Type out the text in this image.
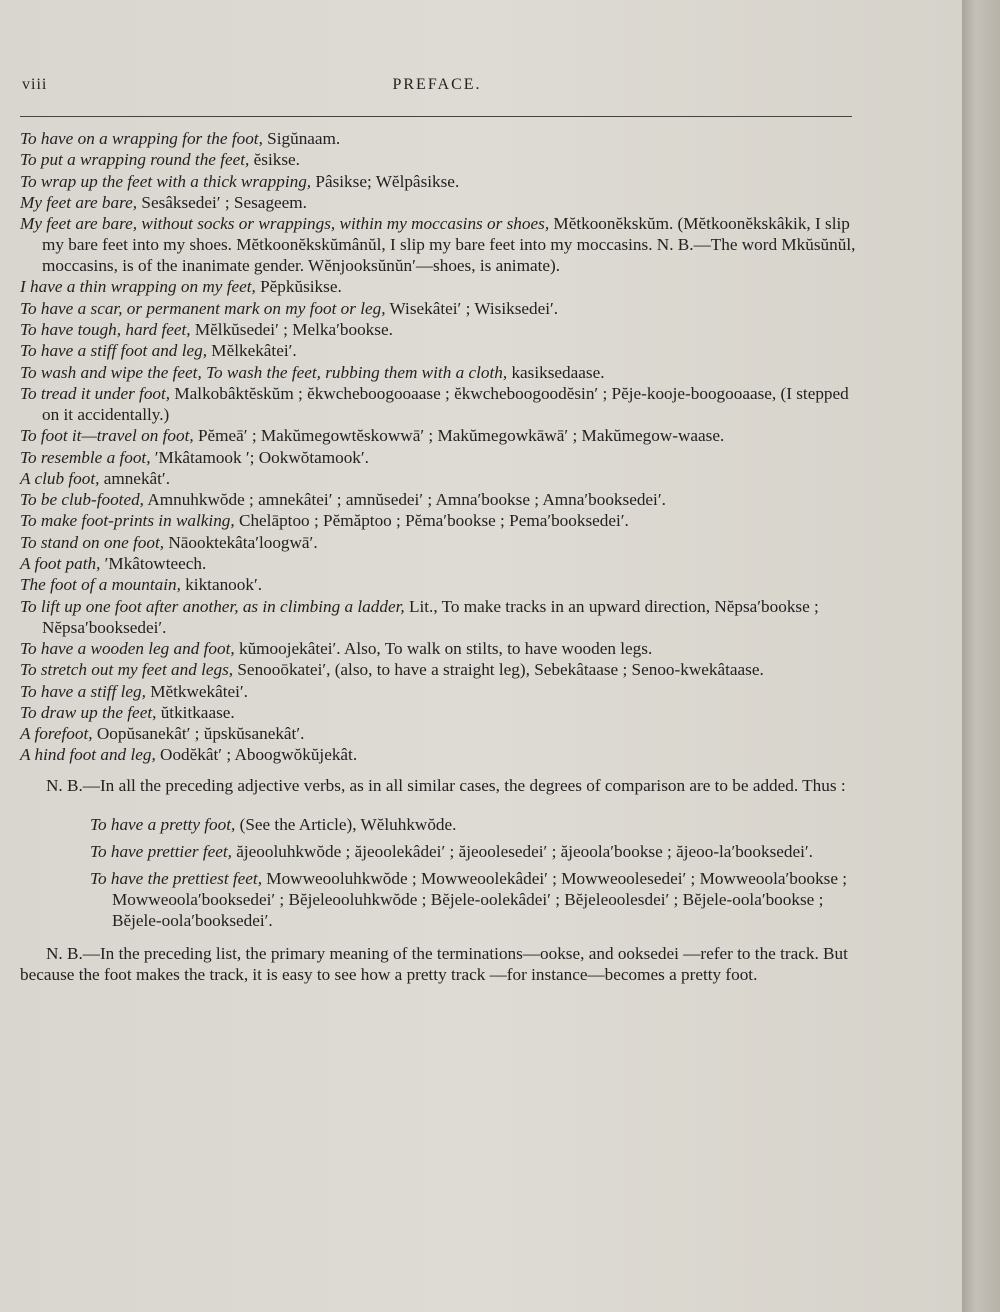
viii	PREFACE.

To have on a wrapping for the foot, Sigŭnaam.

To put a wrapping round the feet, ĕsikse.

To wrap up the feet with a thick wrapping, Pâsikse; Wĕlpâsikse.

My feet are bare, Sesâksedei′ ; Sesageem.

My feet are bare, without socks or wrappings, within my moccasins or shoes, Mĕtkoonĕkskŭm. (Mĕtkoonĕkskâkik, I slip my bare feet into my shoes. Mĕtkoonĕkskŭmânŭl, I slip my bare feet into my moccasins. N. B.—The word Mkŭsŭnŭl, moccasins, is of the inanimate gender. Wĕnjooksŭnŭn′—shoes, is animate).

I have a thin wrapping on my feet, Pĕpkŭsikse.

To have a scar, or permanent mark on my foot or leg, Wisekâtei′ ; Wisiksedei′.

To have tough, hard feet, Mĕlkŭsedei′ ; Melka′bookse.

To have a stiff foot and leg, Mĕlkekâtei′.

To wash and wipe the feet, To wash the feet, rubbing them with a cloth, kasiksedaase.

To tread it under foot, Malkobâktĕskŭm ; ĕkwcheboogooaase ; ĕkwcheboogoodĕsin′ ; Pĕje-kooje-boogooaase, (I stepped on it accidentally.)

To foot it—travel on foot, Pĕmeā′ ; Makŭmegowtĕskowwā′ ; Makŭmegowkāwā′ ; Makŭmegow-waase.

To resemble a foot, ′Mkâtamook ′; Ookwŏtamook′.

A club foot, amnekât′.

To be club-footed, Amnuhkwŏde ; amnekâtei′ ; amnŭsedei′ ; Amna′bookse ; Amna′booksedei′.

To make foot-prints in walking, Chelāptoo ; Pĕmăptoo ; Pĕma′bookse ; Pema′booksedei′.

To stand on one foot, Nāooktekâta′loogwā′.

A foot path, ′Mkâtowteech.

The foot of a mountain, kiktanook′.

To lift up one foot after another, as in climbing a ladder, Lit., To make tracks in an upward direction, Nĕpsa′bookse ; Nĕpsa′booksedei′.

To have a wooden leg and foot, kŭmoojekâtei′. Also, To walk on stilts, to have wooden legs.

To stretch out my feet and legs, Senooōkatei′, (also, to have a straight leg), Sebekâtaase ; Senoo-kwekâtaase.

To have a stiff leg, Mĕtkwekâtei′.

To draw up the feet, ŭtkitkaase.

A forefoot, Oopŭsanekât′ ; ŭpskŭsanekât′.

A hind foot and leg, Oodĕkât′ ; Aboogwŏkŭjekât.

N. B.—In all the preceding adjective verbs, as in all similar cases, the degrees of comparison are to be added. Thus :

To have a pretty foot, (See the Article), Wĕluhkwŏde.

To have prettier feet, ăjeooluhkwŏde ; ăjeoolekâdei′ ; ăjeoolesedei′ ; ăjeoola′bookse ; ăjeoo-la′booksedei′.

To have the prettiest feet, Mowweooluhkwŏde ; Mowweoolekâdei′ ; Mowweoolesedei′ ; Mowweoola′bookse ; Mowweoola′booksedei′ ; Bĕjeleooluhkwŏde ; Bĕjele-oolekâdei′ ; Bĕjeleoolesdei′ ; Bĕjele-oola′bookse ; Bĕjele-oola′booksedei′.

N. B.—In the preceding list, the primary meaning of the terminations—ookse, and ooksedei —refer to the track. But because the foot makes the track, it is easy to see how a pretty track —for instance—becomes a pretty foot.
